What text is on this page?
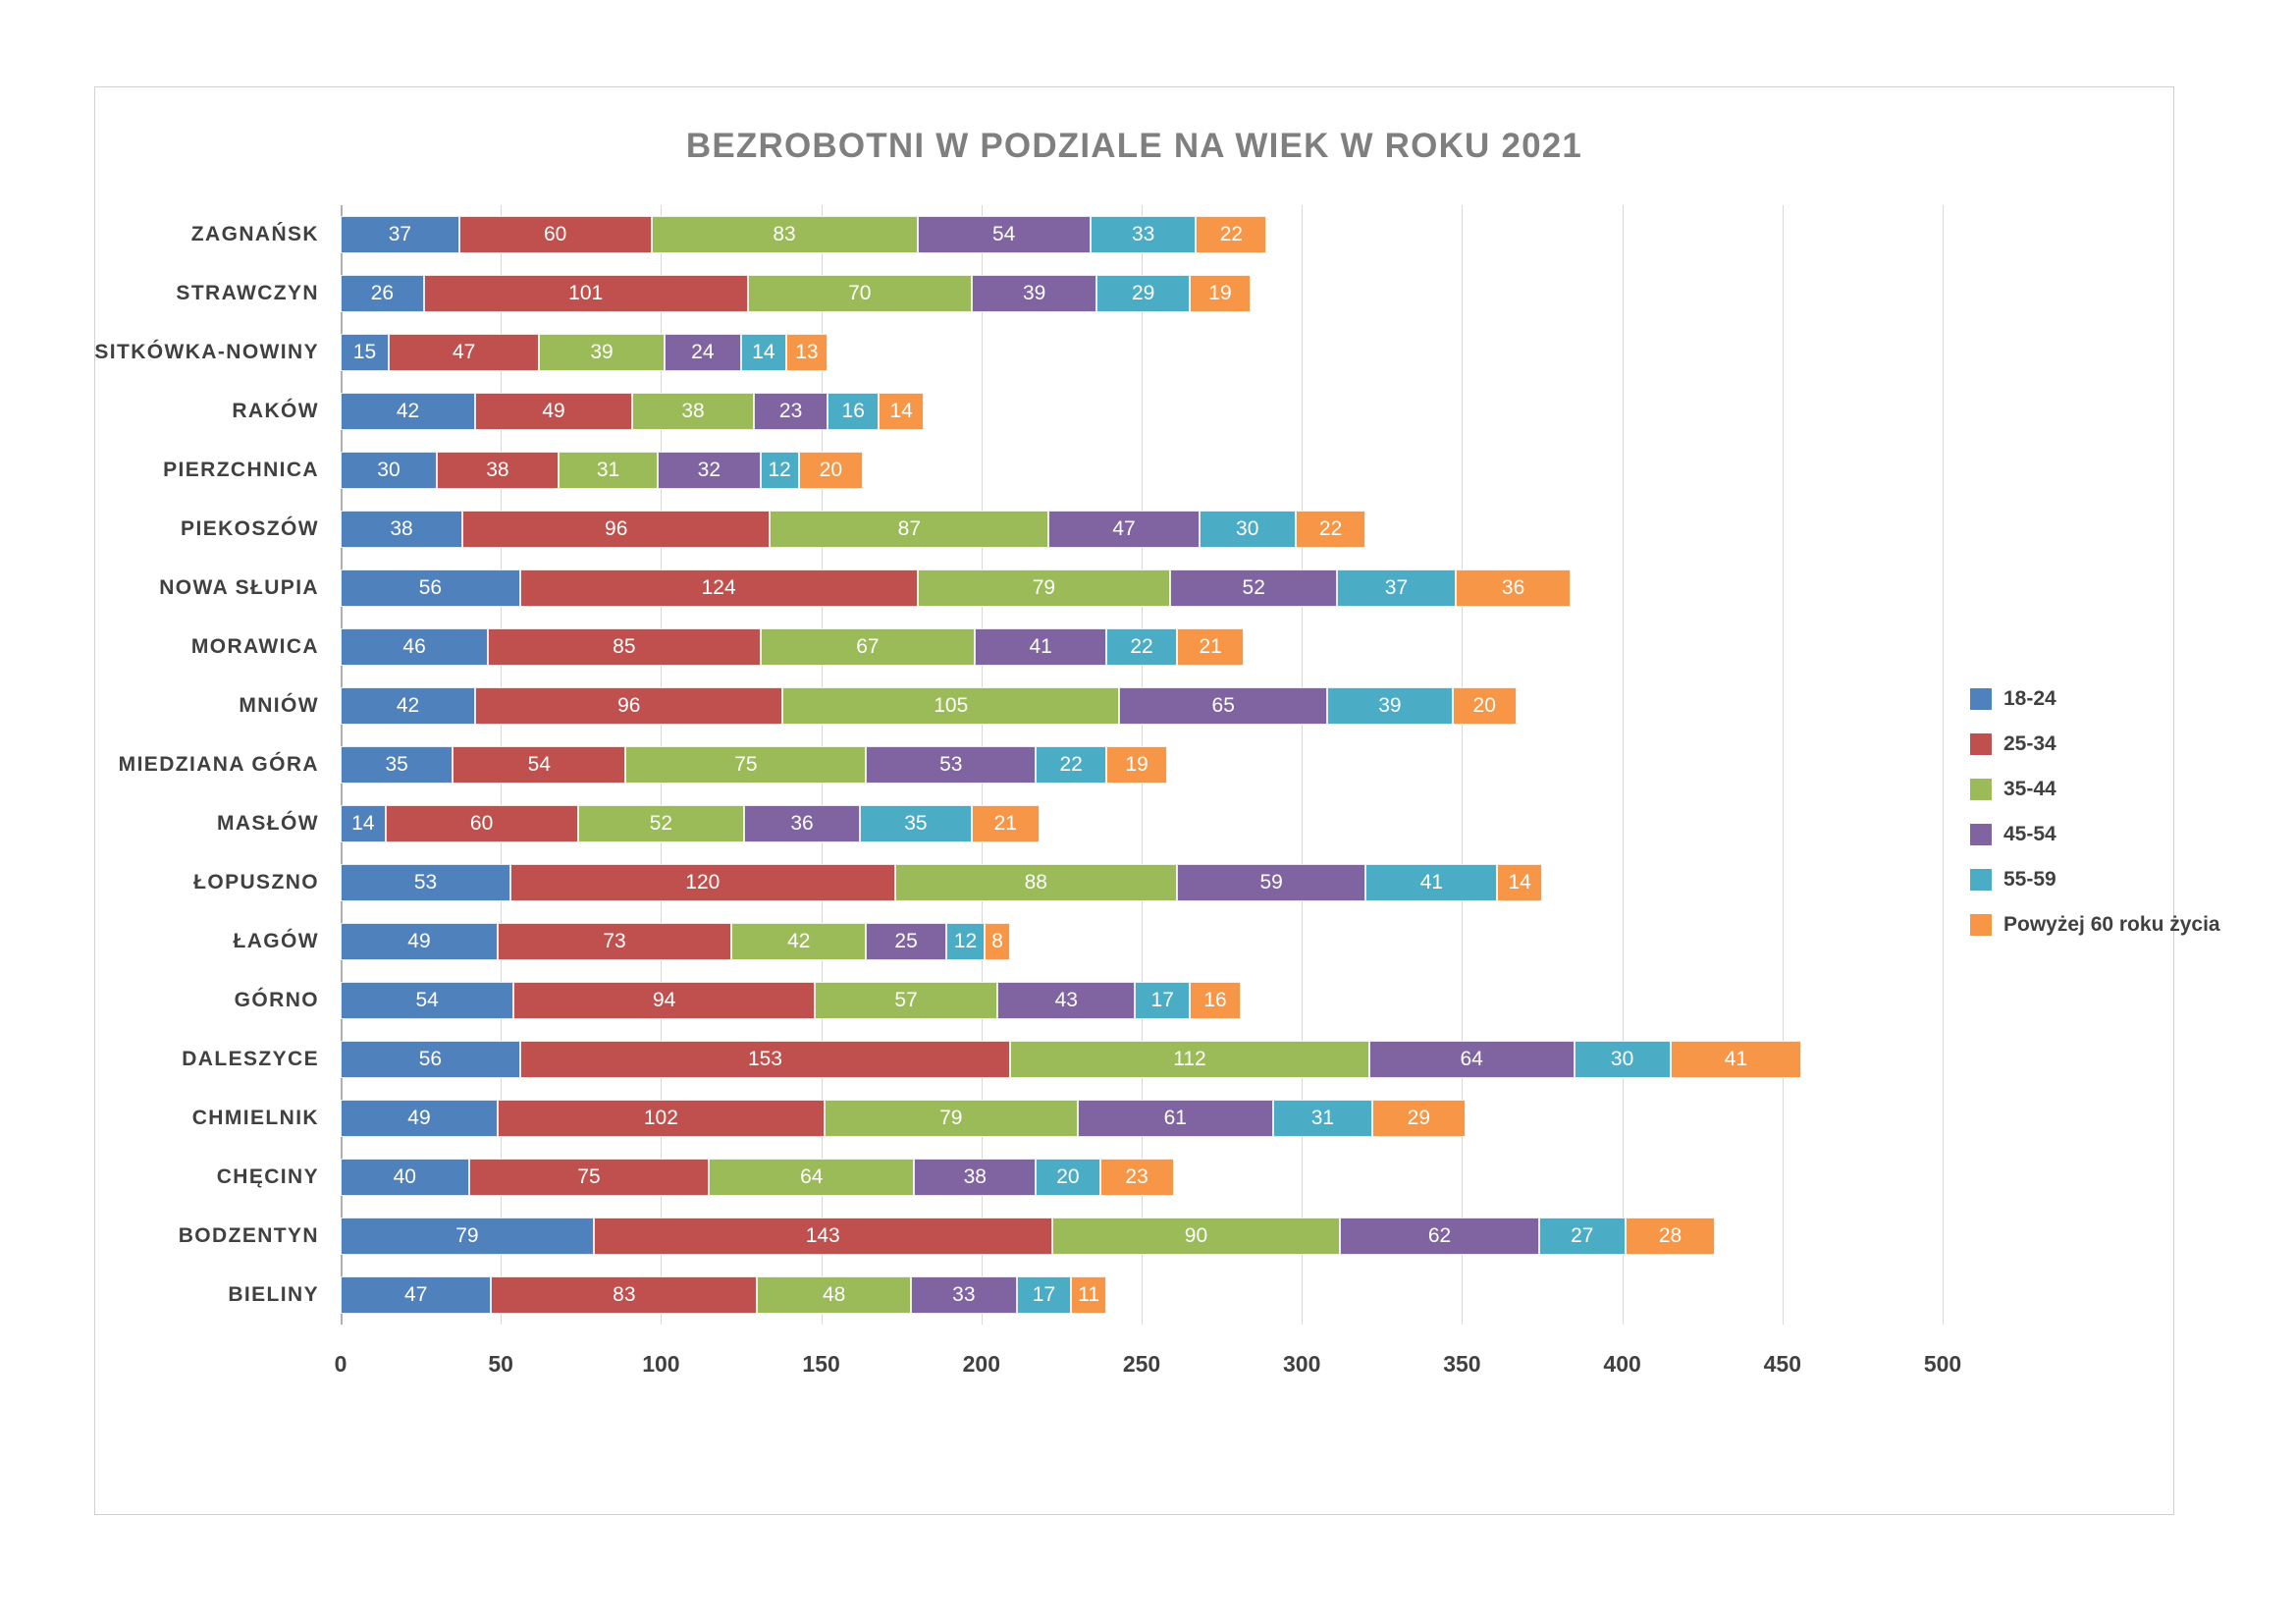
BEZROBOTNI W PODZIALE NA WIEK W ROKU 2021
0	50	100	150	200	250	300	350	400	450	500
ZAGNAŃSK	37	60	83	54	33	22
STRAWCZYN	26	101	70	39	29	19
SITKÓWKA-NOWINY	15	47	39	24	14 13
RAKÓW	42	49	38	23	16	14
PIERZCHNICA	30	38	31	32	12	20
PIEKOSZÓW	38	96	87	47	30	22
NOWA SŁUPIA	56	124	79	52	37	36
MORAWICA	46	85	67	41	22	21
MNIÓW	42	96	105	65	39	20
MIEDZIANA GÓRA	35	54	75	53	22	19
MASŁÓW	14	60	52	36	35	21
ŁOPUSZNO	53	120	88	59	41	14
ŁAGÓW	49	73	42	25	12 8
GÓRNO	54	94	57	43	17	16
DALESZYCE	56	153	112	64	30	41
CHMIELNIK	49	102	79	61	31	29
CHĘCINY	40	75	64	38	20	23
BODZENTYN	79	143	90	62	27	28
BIELINY	47	83	48	33	17	11
18-24
25-34
35-44
45-54
55-59
Powyżej 60 roku życia
